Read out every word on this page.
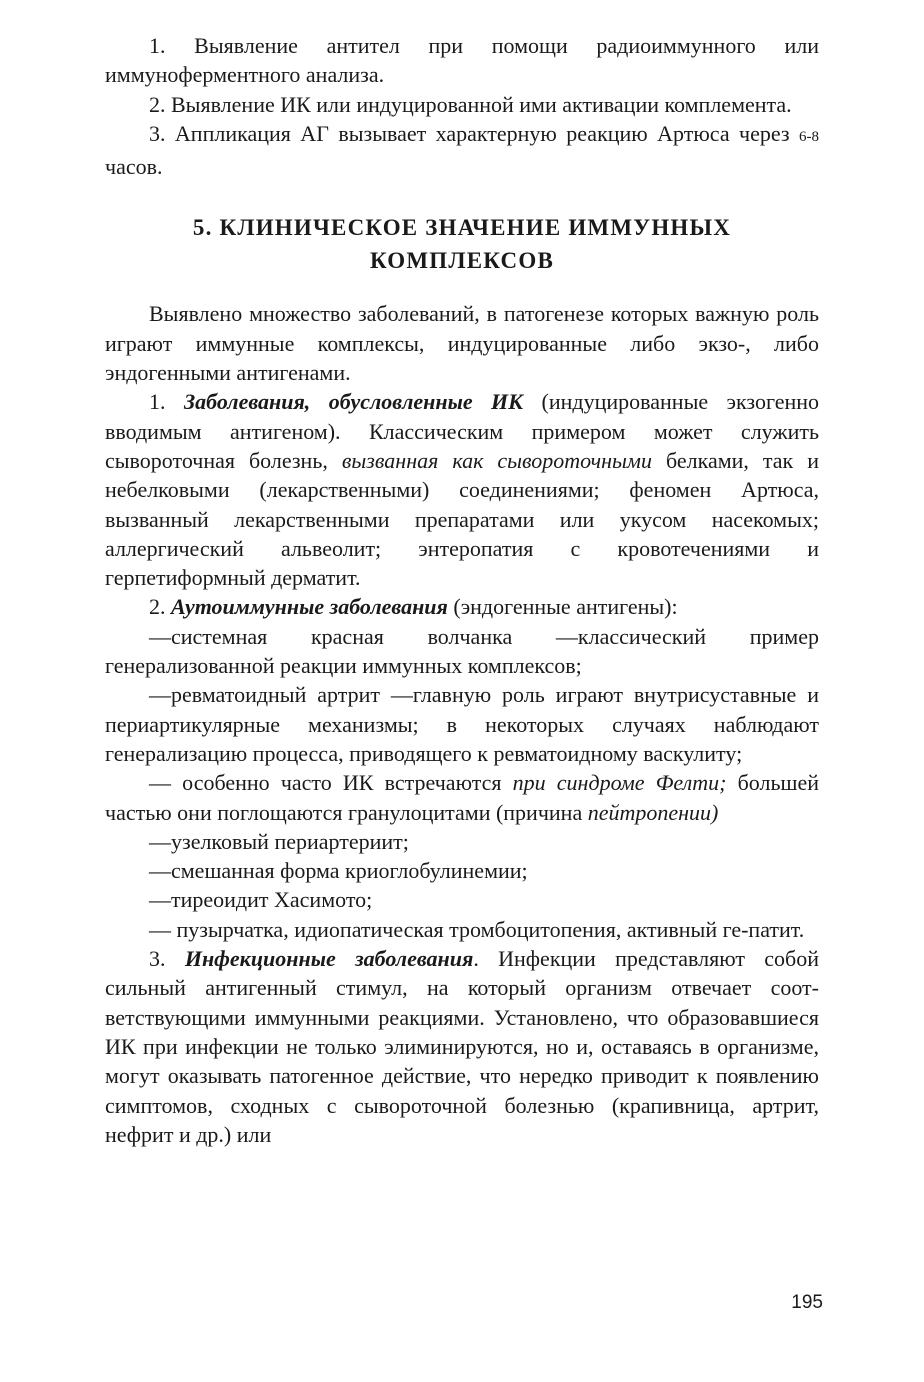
1. Выявление антител при помощи радиоиммунного или иммуноферментного анализа.

2. Выявление ИК или индуцированной ими активации комплемента.

3. Аппликация АГ вызывает характерную реакцию Артюса через 6-8 часов.

5. КЛИНИЧЕСКОЕ ЗНАЧЕНИЕ ИММУННЫХ
КОМПЛЕКСОВ

Выявлено множество заболеваний, в патогенезе которых важную роль играют иммунные комплексы, индуцированные либо экзо-, либо эндогенными антигенами.

1. Заболевания, обусловленные ИК (индуцированные экзогенно вводимым антигеном). Классическим примером может служить сывороточная болезнь, вызванная как сывороточными белками, так и небелковыми (лекарственными) соединениями; феномен Артюса, вызванный лекарственными препаратами или укусом насекомых; аллергический альвеолит; энтеропатия с кровотечениями и герпетиформный дерматит.

2. Аутоиммунные заболевания (эндогенные антигены):

—системная красная волчанка —классический пример генерализованной реакции иммунных комплексов;

—ревматоидный артрит —главную роль играют внутрисуставные и периартикулярные механизмы; в некоторых случаях наблюдают генерализацию процесса, приводящего к ревматоидному васкулиту;

— особенно часто ИК встречаются при синдроме Фелти; большей частью они поглощаются гранулоцитами (причина пейтропении)

—узелковый периартериит;

—смешанная форма криоглобулинемии;

—тиреоидит Хасимото;

— пузырчатка, идиопатическая тромбоцитопения, активный ге-патит.

3. Инфекционные заболевания. Инфекции представляют собой сильный антигенный стимул, на который организм отвечает соот-ветствующими иммунными реакциями. Установлено, что образовавшиеся ИК при инфекции не только элиминируются, но и, оставаясь в организме, могут оказывать патогенное действие, что нередко приводит к появлению симптомов, сходных с сывороточной болезнью (крапивница, артрит, нефрит и др.) или

195
